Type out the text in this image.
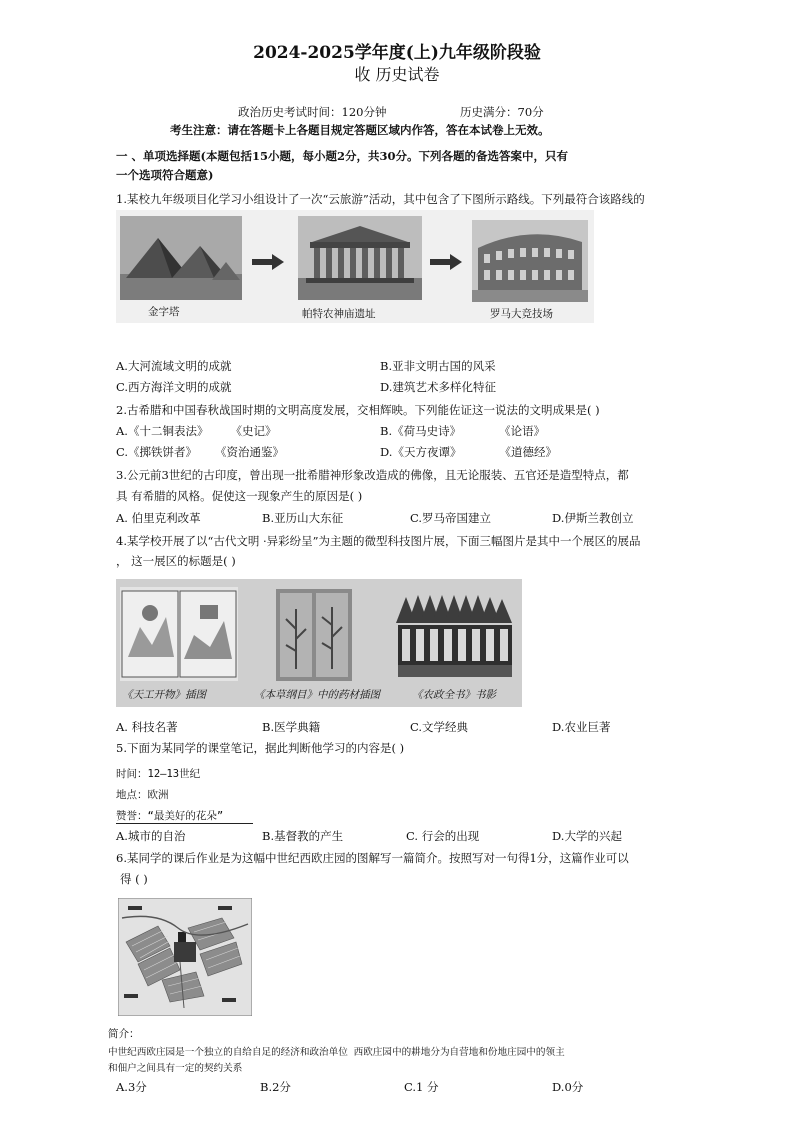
2024-2025学年度(上)九年级阶段验
收 历史试卷
政治历史考试时间：120分钟	历史满分：70分
考生注意：请在答题卡上各题目规定答题区域内作答，答在本试卷上无效。
一 、单项选择题(本题包括15小题，每小题2分，共30分。下列各题的备选答案中，只有
一个选项符合题意)
1.某校九年级项目化学习小组设计了一次“云旅游”活动，其中包含了下图所示路线。下列最符合该路线的
金字塔	帕特农神庙遗址	罗马大竞技场
A.大河流域文明的成就	B.亚非文明古国的风采
C.西方海洋文明的成就	D.建筑艺术多样化特征
2.古希腊和中国春秋战国时期的文明高度发展，交相辉映。下列能佐证这一说法的文明成果是( )
A.《十二铜表法》 《史记》	B.《荷马史诗》	《论语》
C.《掷铁饼者》 《资治通鉴》	D.《天方夜谭》	《道德经》
3.公元前3世纪的古印度，曾出现一批希腊神形象改造成的佛像，且无论服装、五官还是造型特点，都
具 有希腊的风格。促使这一现象产生的原因是( )
A. 伯里克利改革	B.亚历山大东征	C.罗马帝国建立	D.伊斯兰教创立
4.某学校开展了以“古代文明 ·异彩纷呈”为主题的微型科技图片展，下面三幅图片是其中一个展区的展品
， 这一展区的标题是( )
《天工开物》插图	《本草纲目》中的药材插图	《农政全书》书影
A. 科技名著	B.医学典籍	C.文学经典	D.农业巨著
5.下面为某同学的课堂笔记，据此判断他学习的内容是( )
时间：12—13世纪
地点：欧洲
赞誉：“最美好的花朵”
A.城市的自治	B.基督教的产生	C. 行会的出现	D.大学的兴起
6.某同学的课后作业是为这幅中世纪西欧庄园的图解写一篇简介。按照写对一句得1分，这篇作业可以
得 ( )
简介：
中世纪西欧庄园是一个独立的自给自足的经济和政治单位 西欧庄园中的耕地分为自营地和份地庄园中的领主
和佃户之间具有一定的契约关系
A.3分	B.2分	C.1 分	D.0分
